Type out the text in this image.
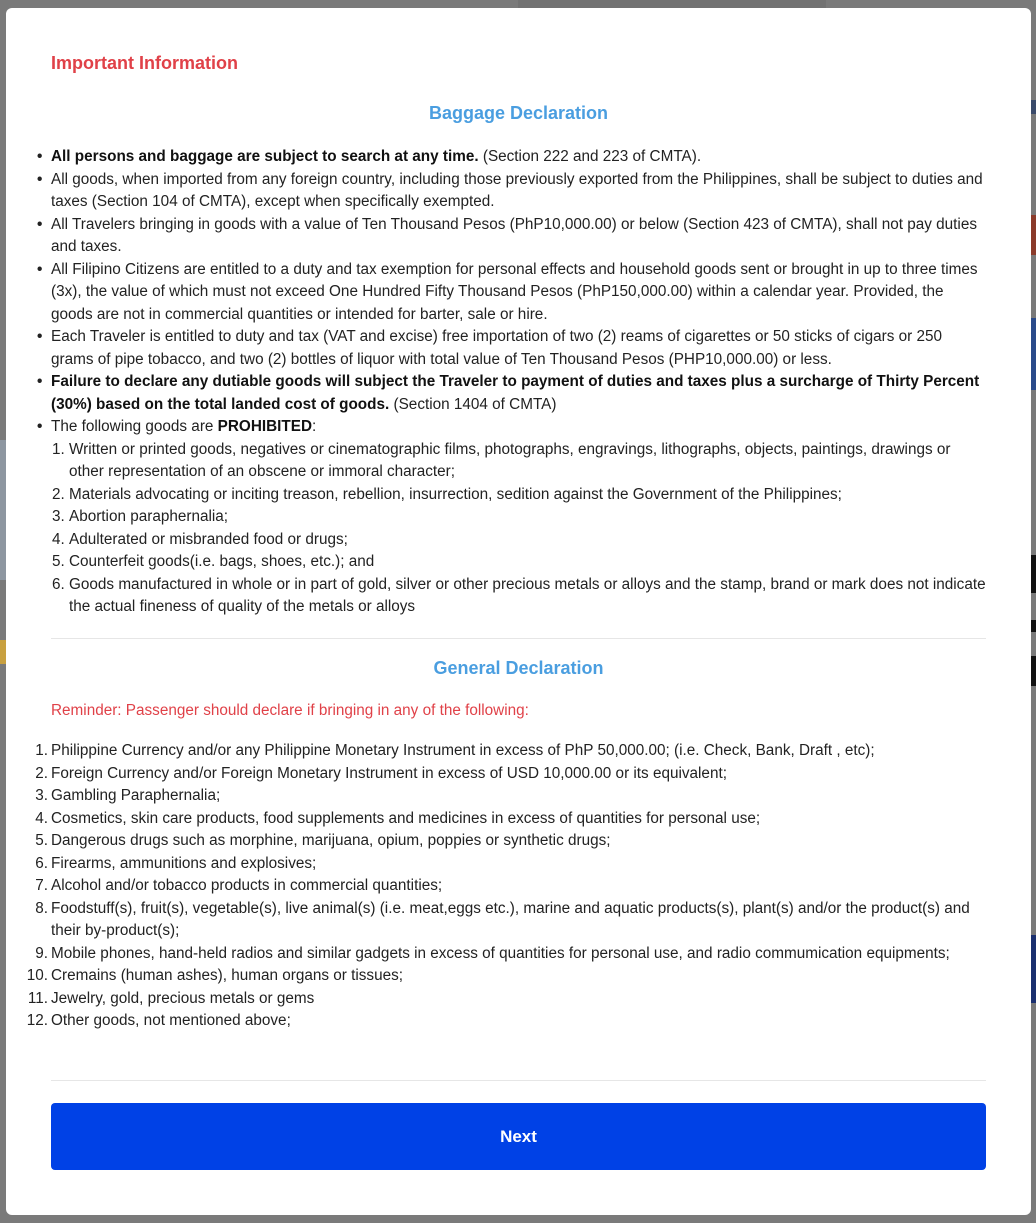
Important Information
Baggage Declaration
• All persons and baggage are subject to search at any time. (Section 222 and 223 of CMTA).
• All goods, when imported from any foreign country, including those previously exported from the Philippines, shall be subject to duties and taxes (Section 104 of CMTA), except when specifically exempted.
• All Travelers bringing in goods with a value of Ten Thousand Pesos (PhP10,000.00) or below (Section 423 of CMTA), shall not pay duties and taxes.
• All Filipino Citizens are entitled to a duty and tax exemption for personal effects and household goods sent or brought in up to three times (3x), the value of which must not exceed One Hundred Fifty Thousand Pesos (PhP150,000.00) within a calendar year. Provided, the goods are not in commercial quantities or intended for barter, sale or hire.
• Each Traveler is entitled to duty and tax (VAT and excise) free importation of two (2) reams of cigarettes or 50 sticks of cigars or 250 grams of pipe tobacco, and two (2) bottles of liquor with total value of Ten Thousand Pesos (PHP10,000.00) or less.
• Failure to declare any dutiable goods will subject the Traveler to payment of duties and taxes plus a surcharge of Thirty Percent (30%) based on the total landed cost of goods. (Section 1404 of CMTA)
• The following goods are PROHIBITED:
1. Written or printed goods, negatives or cinematographic films, photographs, engravings, lithographs, objects, paintings, drawings or other representation of an obscene or immoral character;
2. Materials advocating or inciting treason, rebellion, insurrection, sedition against the Government of the Philippines;
3. Abortion paraphernalia;
4. Adulterated or misbranded food or drugs;
5. Counterfeit goods(i.e. bags, shoes, etc.); and
6. Goods manufactured in whole or in part of gold, silver or other precious metals or alloys and the stamp, brand or mark does not indicate the actual fineness of quality of the metals or alloys
General Declaration

Reminder: Passenger should declare if bringing in any of the following:

1. Philippine Currency and/or any Philippine Monetary Instrument in excess of PhP 50,000.00; (i.e. Check, Bank, Draft , etc);
2. Foreign Currency and/or Foreign Monetary Instrument in excess of USD 10,000.00 or its equivalent;
3. Gambling Paraphernalia;
4. Cosmetics, skin care products, food supplements and medicines in excess of quantities for personal use;
5. Dangerous drugs such as morphine, marijuana, opium, poppies or synthetic drugs;
6. Firearms, ammunitions and explosives;
7. Alcohol and/or tobacco products in commercial quantities;
8. Foodstuff(s), fruit(s), vegetable(s), live animal(s) (i.e. meat,eggs etc.), marine and aquatic products(s), plant(s) and/or the product(s) and their by-product(s);
9. Mobile phones, hand-held radios and similar gadgets in excess of quantities for personal use, and radio commumication equipments;
10. Cremains (human ashes), human organs or tissues;
11. Jewelry, gold, precious metals or gems
12. Other goods, not mentioned above;
Next
